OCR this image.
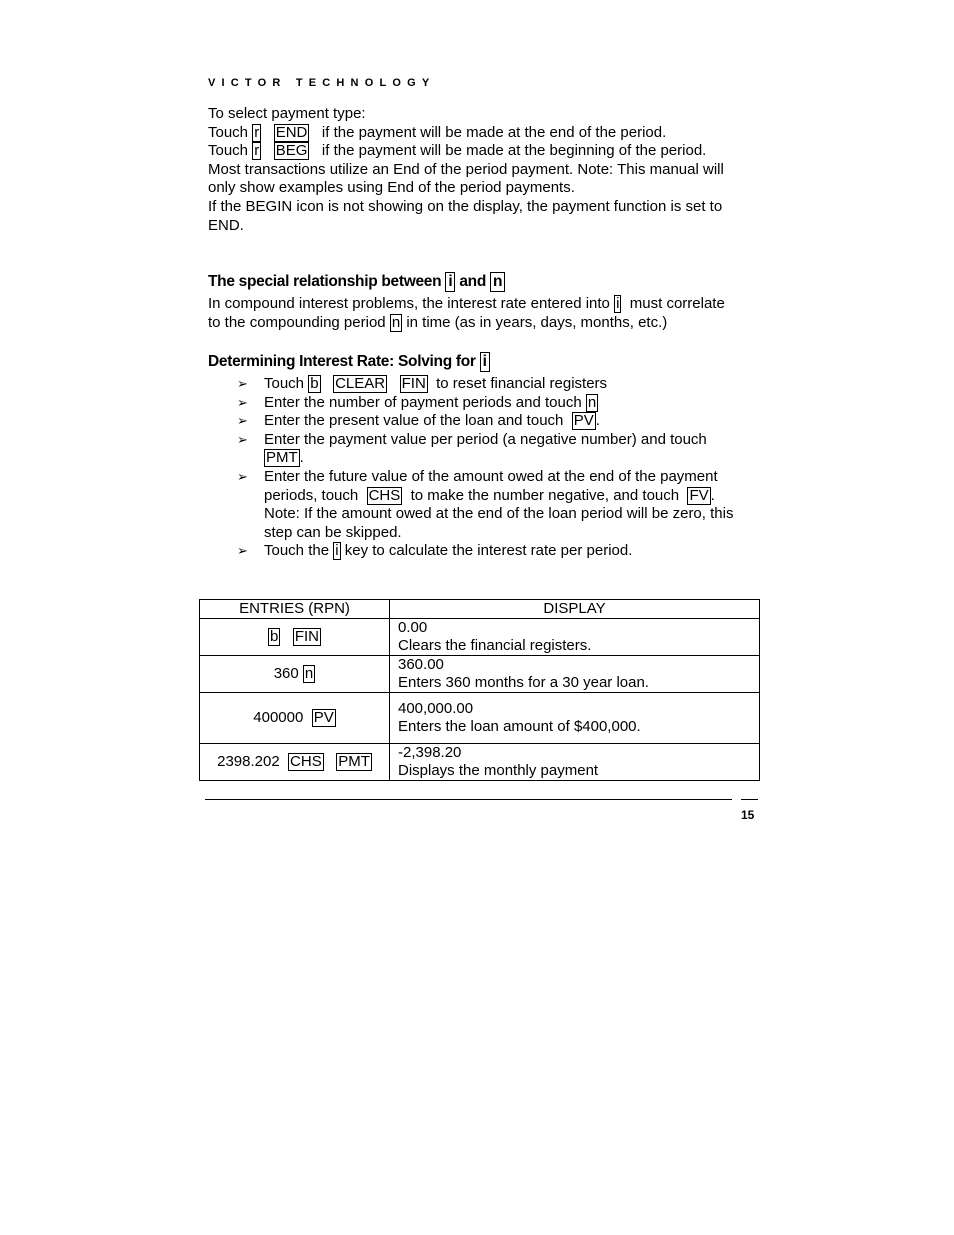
VICTOR TECHNOLOGY
To select payment type:
Touch r END if the payment will be made at the end of the period.
Touch r BEG if the payment will be made at the beginning of the period.
Most transactions utilize an End of the period payment. Note: This manual will
only show examples using End of the period payments.
If the BEGIN icon is not showing on the display, the payment function is set to
END.
The special relationship between i and n
In compound interest problems, the interest rate entered into i must correlate
to the compounding period n in time (as in years, days, months, etc.)
Determining Interest Rate: Solving for i
➢ Touch b CLEAR FIN to reset financial registers
➢ Enter the number of payment periods and touch n
➢ Enter the present value of the loan and touch PV .
➢ Enter the payment value per period (a negative number) and touch
PMT .
➢ Enter the future value of the amount owed at the end of the payment
periods, touch CHS to make the number negative, and touch FV .
Note: If the amount owed at the end of the loan period will be zero, this
step can be skipped.
➢ Touch the i key to calculate the interest rate per period.
ENTRIES (RPN)	DISPLAY
b FIN	0.00
Clears the financial registers.

360 n	360.00
Enters 360 months for a 30 year loan.

400000 PV	400,000.00
Enters the loan amount of $400,000.

2398.202 CHS PMT	-2,398.20
Displays the monthly payment
15
